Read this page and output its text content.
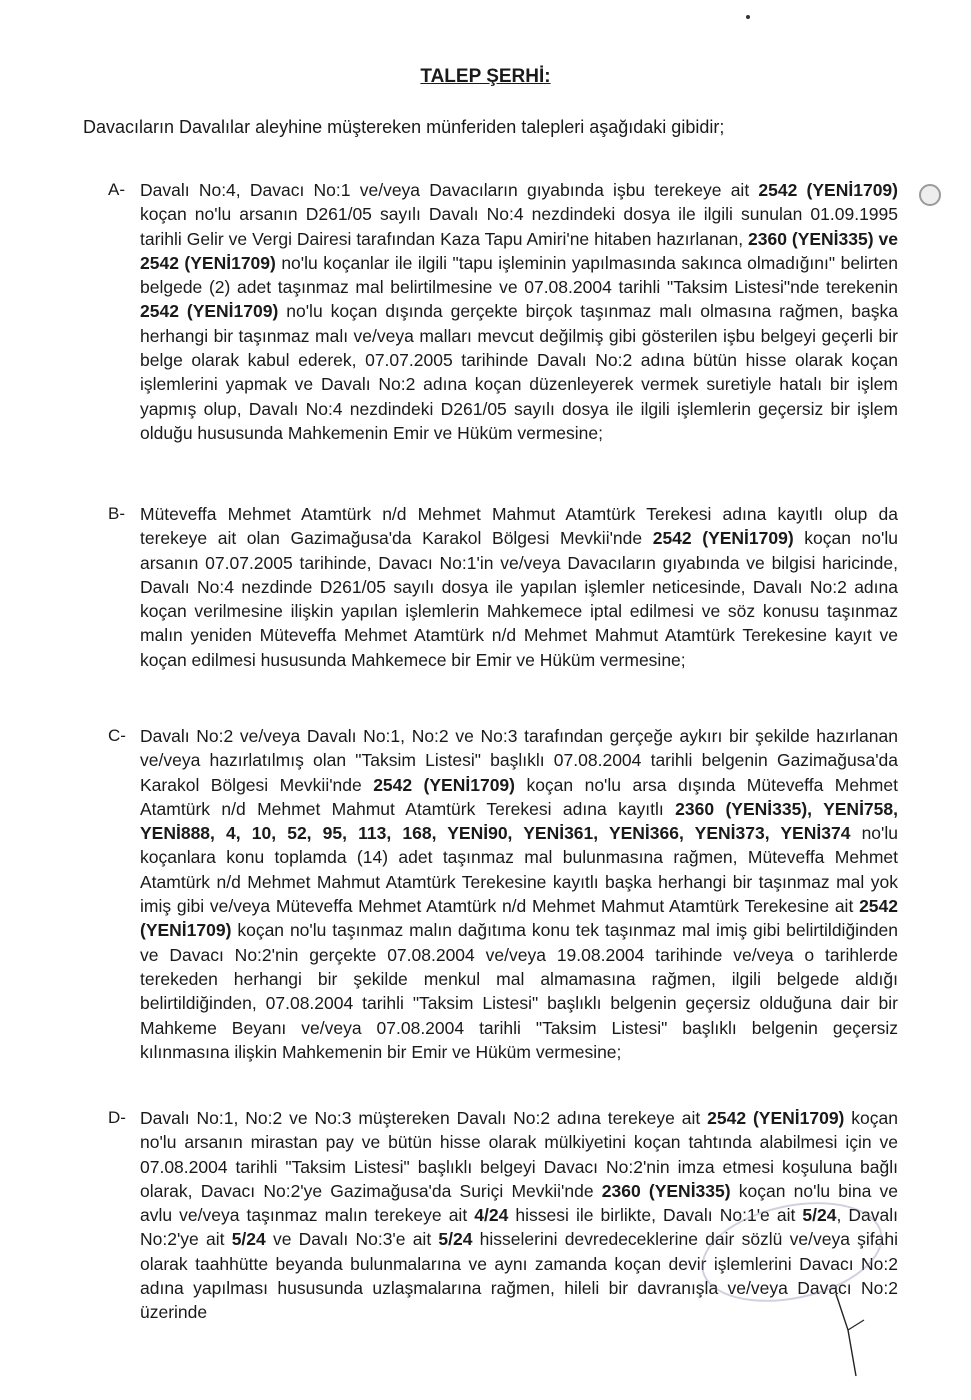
TALEP ŞERHİ:
Davacıların Davalılar aleyhine müştereken münferiden talepleri aşağıdaki gibidir;
A- Davalı No:4, Davacı No:1 ve/veya Davacıların gıyabında işbu terekeye ait 2542 (YENİ1709) koçan no'lu arsanın D261/05 sayılı Davalı No:4 nezdindeki dosya ile ilgili sunulan 01.09.1995 tarihli Gelir ve Vergi Dairesi tarafından Kaza Tapu Amiri'ne hitaben hazırlanan, 2360 (YENİ335) ve 2542 (YENİ1709) no'lu koçanlar ile ilgili "tapu işleminin yapılmasında sakınca olmadığını" belirten belgede (2) adet taşınmaz mal belirtilmesine ve 07.08.2004 tarihli "Taksim Listesi"nde terekenin 2542 (YENİ1709) no'lu koçan dışında gerçekte birçok taşınmaz malı olmasına rağmen, başka herhangi bir taşınmaz malı ve/veya malları mevcut değilmiş gibi gösterilen işbu belgeyi geçerli bir belge olarak kabul ederek, 07.07.2005 tarihinde Davalı No:2 adına bütün hisse olarak koçan işlemlerini yapmak ve Davalı No:2 adına koçan düzenleyerek vermek suretiyle hatalı bir işlem yapmış olup, Davalı No:4 nezdindeki D261/05 sayılı dosya ile ilgili işlemlerin geçersiz bir işlem olduğu hususunda Mahkemenin Emir ve Hüküm vermesine;
B- Müteveffa Mehmet Atamtürk n/d Mehmet Mahmut Atamtürk Terekesi adına kayıtlı olup da terekeye ait olan Gazimağusa'da Karakol Bölgesi Mevkii'nde 2542 (YENİ1709) koçan no'lu arsanın 07.07.2005 tarihinde, Davacı No:1'in ve/veya Davacıların gıyabında ve bilgisi haricinde, Davalı No:4 nezdinde D261/05 sayılı dosya ile yapılan işlemler neticesinde, Davalı No:2 adına koçan verilmesine ilişkin yapılan işlemlerin Mahkemece iptal edilmesi ve söz konusu taşınmaz malın yeniden Müteveffa Mehmet Atamtürk n/d Mehmet Mahmut Atamtürk Terekesine kayıt ve koçan edilmesi hususunda Mahkemece bir Emir ve Hüküm vermesine;
C- Davalı No:2 ve/veya Davalı No:1, No:2 ve No:3 tarafından gerçeğe aykırı bir şekilde hazırlanan ve/veya hazırlatılmış olan "Taksim Listesi" başlıklı 07.08.2004 tarihli belgenin Gazimağusa'da Karakol Bölgesi Mevkii'nde 2542 (YENİ1709) koçan no'lu arsa dışında Müteveffa Mehmet Atamtürk n/d Mehmet Mahmut Atamtürk Terekesi adına kayıtlı 2360 (YENİ335), YENİ758, YENİ888, 4, 10, 52, 95, 113, 168, YENİ90, YENİ361, YENİ366, YENİ373, YENİ374 no'lu koçanlara konu toplamda (14) adet taşınmaz mal bulunmasına rağmen, Müteveffa Mehmet Atamtürk n/d Mehmet Mahmut Atamtürk Terekesine kayıtlı başka herhangi bir taşınmaz mal yok imiş gibi ve/veya Müteveffa Mehmet Atamtürk n/d Mehmet Mahmut Atamtürk Terekesine ait 2542 (YENİ1709) koçan no'lu taşınmaz malın dağıtıma konu tek taşınmaz mal imiş gibi belirtildiğinden ve Davacı No:2'nin gerçekte 07.08.2004 ve/veya 19.08.2004 tarihinde ve/veya o tarihlerde terekeden herhangi bir şekilde menkul mal almamasına rağmen, ilgili belgede aldığı belirtildiğinden, 07.08.2004 tarihli "Taksim Listesi" başlıklı belgenin geçersiz olduğuna dair bir Mahkeme Beyanı ve/veya 07.08.2004 tarihli "Taksim Listesi" başlıklı belgenin geçersiz kılınmasına ilişkin Mahkemenin bir Emir ve Hüküm vermesine;
D- Davalı No:1, No:2 ve No:3 müştereken Davalı No:2 adına terekeye ait 2542 (YENİ1709) koçan no'lu arsanın mirastan pay ve bütün hisse olarak mülkiyetini koçan tahtında alabilmesi için ve 07.08.2004 tarihli "Taksim Listesi" başlıklı belgeyi Davacı No:2'nin imza etmesi koşuluna bağlı olarak, Davacı No:2'ye Gazimağusa'da Suriçi Mevkii'nde 2360 (YENİ335) koçan no'lu bina ve avlu ve/veya taşınmaz malın terekeye ait 4/24 hissesi ile birlikte, Davalı No:1'e ait 5/24, Davalı No:2'ye ait 5/24 ve Davalı No:3'e ait 5/24 hisselerini devredeceklerine dair sözlü ve/veya şifahi olarak taahhütte beyanda bulunmalarına ve aynı zamanda koçan devir işlemlerini Davacı No:2 adına yapılması hususunda uzlaşmalarına rağmen, hileli bir davranışla ve/veya Davacı No:2 üzerinde
